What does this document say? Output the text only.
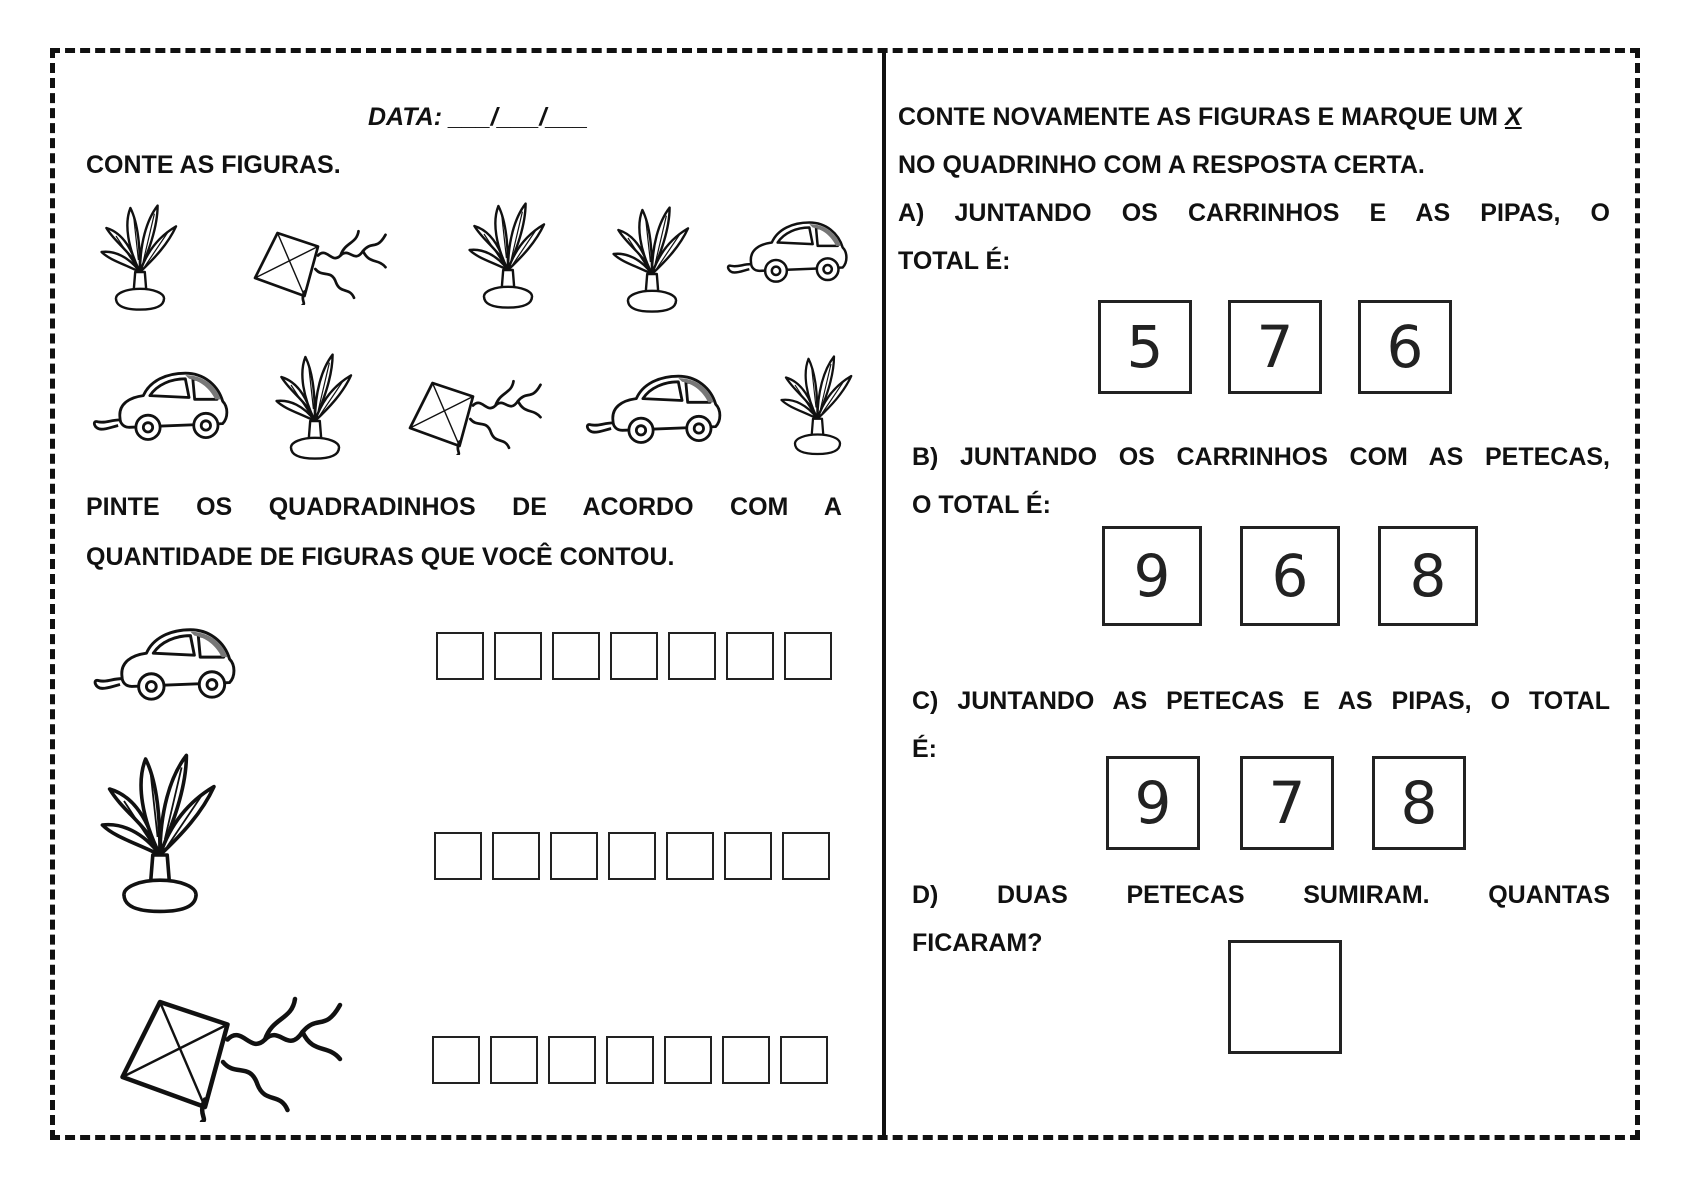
DATA: ___/___/___
CONTE AS FIGURAS.
PINTE OS QUADRADINHOS DE ACORDO COM A
QUANTIDADE DE FIGURAS QUE VOCÊ CONTOU.
CONTE NOVAMENTE AS FIGURAS E MARQUE UM X
NO QUADRINHO COM A RESPOSTA CERTA.
A) JUNTANDO OS CARRINHOS E AS PIPAS, O
TOTAL É:
5	7	6
B) JUNTANDO OS CARRINHOS COM AS PETECAS,
O TOTAL É:
9	6	8
C) JUNTANDO AS PETECAS E AS PIPAS, O TOTAL
É:
9	7	8
D) DUAS PETECAS SUMIRAM. QUANTAS
FICARAM?
